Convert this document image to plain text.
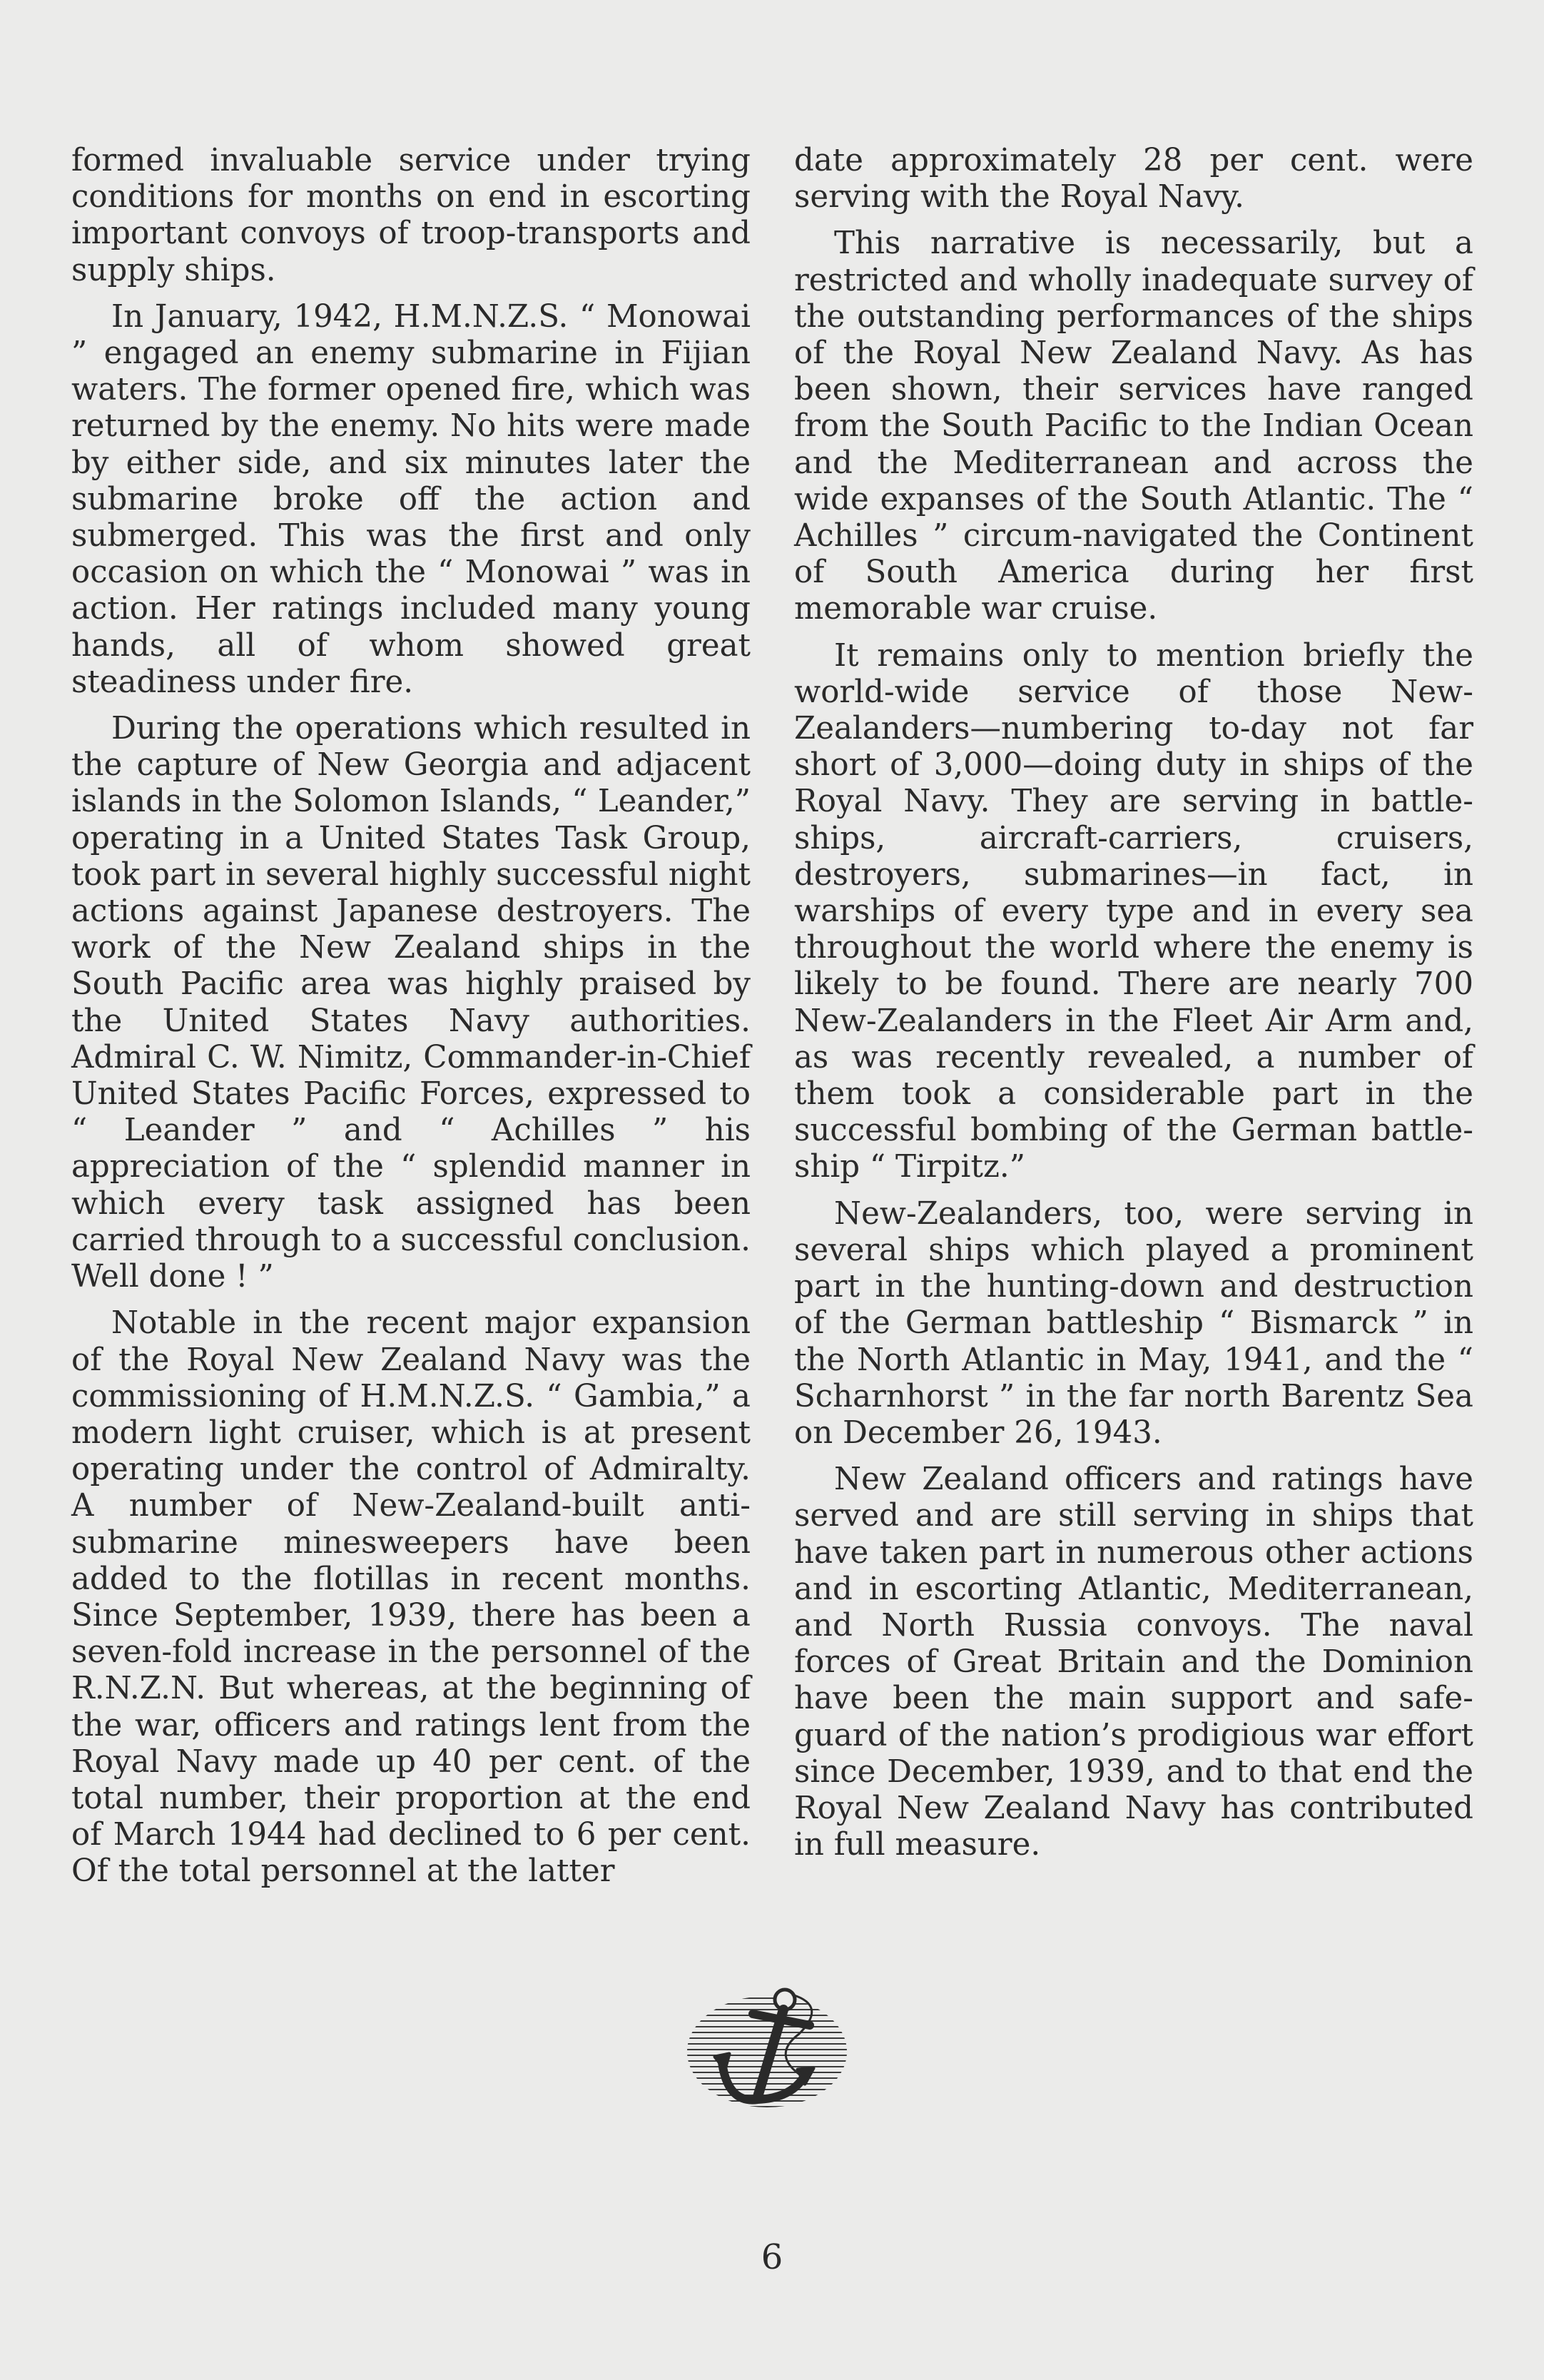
formed invaluable service under trying conditions for months on end in escorting important convoys of troop-transports and supply ships.

In January, 1942, H.M.N.Z.S. “ Monowai ” engaged an enemy submarine in Fijian waters. The former opened fire, which was returned by the enemy. No hits were made by either side, and six minutes later the submarine broke off the action and submerged. This was the first and only occasion on which the “ Monowai ” was in action. Her ratings included many young hands, all of whom showed great steadiness under fire.

During the operations which resulted in the capture of New Georgia and adjacent islands in the Solomon Islands, “ Leander,” operating in a United States Task Group, took part in several highly successful night actions against Japanese destroyers. The work of the New Zealand ships in the South Pacific area was highly praised by the United States Navy authorities. Admiral C. W. Nimitz, Commander-in-Chief United States Pacific Forces, expressed to “ Leander ” and “ Achilles ” his appreciation of the “ splendid manner in which every task assigned has been carried through to a successful conclusion. Well done ! ”

Notable in the recent major expansion of the Royal New Zealand Navy was the commissioning of H.M.N.Z.S. “ Gambia,” a modern light cruiser, which is at present operating under the control of Admiralty. A number of New-Zealand-built anti-submarine minesweepers have been added to the flotillas in recent months. Since September, 1939, there has been a seven-fold increase in the personnel of the R.N.Z.N. But whereas, at the beginning of the war, officers and ratings lent from the Royal Navy made up 40 per cent. of the total number, their proportion at the end of March 1944 had declined to 6 per cent. Of the total personnel at the latter

date approximately 28 per cent. were serving with the Royal Navy.

This narrative is necessarily, but a restricted and wholly inadequate survey of the outstanding performances of the ships of the Royal New Zealand Navy. As has been shown, their services have ranged from the South Pacific to the Indian Ocean and the Mediterranean and across the wide expanses of the South Atlantic. The “ Achilles ” circum-navigated the Continent of South America during her first memorable war cruise.

It remains only to mention briefly the world-wide service of those New-Zealanders—numbering to-day not far short of 3,000—doing duty in ships of the Royal Navy. They are serving in battle-ships, aircraft-carriers, cruisers, destroyers, submarines—in fact, in warships of every type and in every sea throughout the world where the enemy is likely to be found. There are nearly 700 New-Zealanders in the Fleet Air Arm and, as was recently revealed, a number of them took a considerable part in the successful bombing of the German battle-ship “ Tirpitz.”

New-Zealanders, too, were serving in several ships which played a prominent part in the hunting-down and destruction of the German battleship “ Bismarck ” in the North Atlantic in May, 1941, and the “ Scharnhorst ” in the far north Barentz Sea on December 26, 1943.

New Zealand officers and ratings have served and are still serving in ships that have taken part in numerous other actions and in escorting Atlantic, Mediterranean, and North Russia convoys. The naval forces of Great Britain and the Dominion have been the main support and safe-guard of the nation’s prodigious war effort since December, 1939, and to that end the Royal New Zealand Navy has contributed in full measure.

6
